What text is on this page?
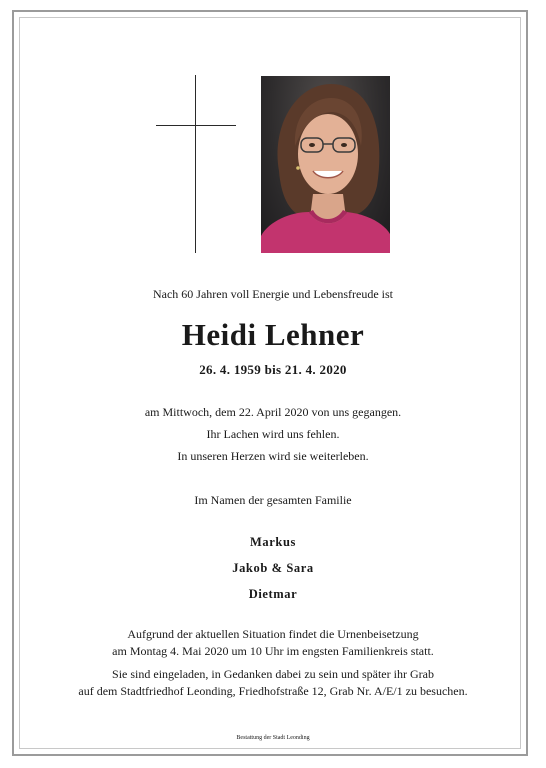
Nach 60 Jahren voll Energie und Lebensfreude ist
Heidi Lehner
26. 4. 1959 bis 21. 4. 2020
am Mittwoch, dem 22. April 2020 von uns gegangen.
Ihr Lachen wird uns fehlen.
In unseren Herzen wird sie weiterleben.
Im Namen der gesamten Familie
Markus
Jakob & Sara
Dietmar
Aufgrund der aktuellen Situation findet die Urnenbeisetzung
am Montag 4. Mai 2020 um 10 Uhr im engsten Familienkreis statt.
Sie sind eingeladen, in Gedanken dabei zu sein und später ihr Grab
auf dem Stadtfriedhof Leonding, Friedhofstraße 12, Grab Nr. A/E/1 zu besuchen.
Bestattung der Stadt Leonding
